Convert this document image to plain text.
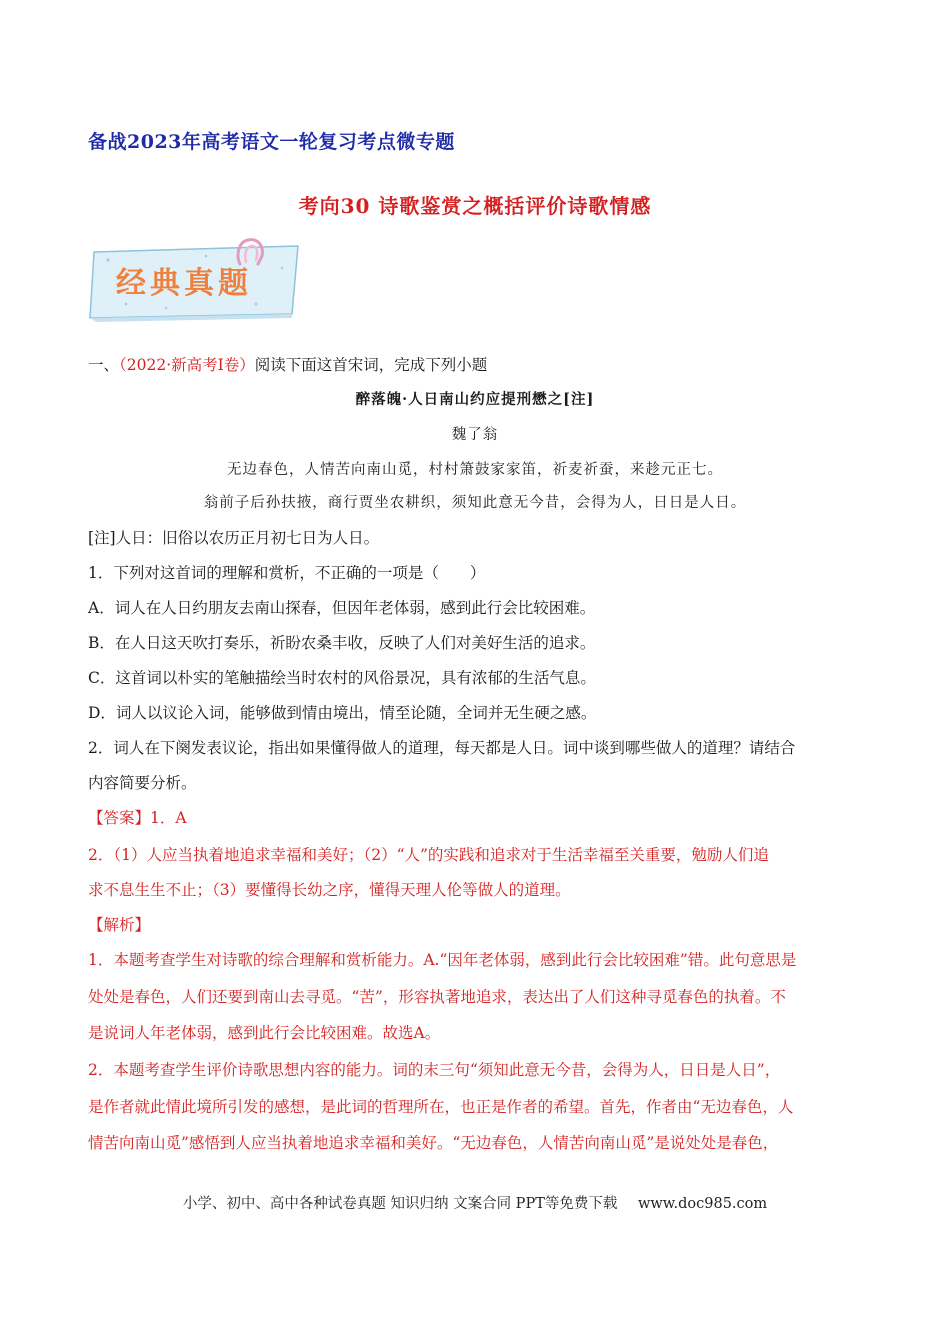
备战2023年高考语文一轮复习考点微专题
考向30 诗歌鉴赏之概括评价诗歌情感
经典真题
一、（2022·新高考Ⅰ卷）阅读下面这首宋词，完成下列小题
醉落魄·人日南山约应提刑懋之[注]
魏了翁
无边春色，人情苦向南山觅，村村箫鼓家家笛，祈麦祈蚕，来趁元正七。
翁前子后孙扶掖，商行贾坐农耕织，须知此意无今昔，会得为人，日日是人日。
[注]人日：旧俗以农历正月初七日为人日。
1．下列对这首词的理解和赏析，不正确的一项是（　　）
A．词人在人日约朋友去南山探春，但因年老体弱，感到此行会比较困难。
B．在人日这天吹打奏乐，祈盼农桑丰收，反映了人们对美好生活的追求。
C．这首词以朴实的笔触描绘当时农村的风俗景况，具有浓郁的生活气息。
D．词人以议论入词，能够做到情由境出，情至论随，全词并无生硬之感。
2．词人在下阕发表议论，指出如果懂得做人的道理，每天都是人日。词中谈到哪些做人的道理？请结合
内容简要分析。
【答案】1．A
2．（1）人应当执着地追求幸福和美好；（2）“人”的实践和追求对于生活幸福至关重要，勉励人们追
求不息生生不止；（3）要懂得长幼之序，懂得天理人伦等做人的道理。
【解析】
1．本题考查学生对诗歌的综合理解和赏析能力。A.“因年老体弱，感到此行会比较困难”错。此句意思是
处处是春色，人们还要到南山去寻觅。“苦”，形容执著地追求，表达出了人们这种寻觅春色的执着。不
是说词人年老体弱，感到此行会比较困难。故选A。
2．本题考查学生评价诗歌思想内容的能力。词的末三句“须知此意无今昔，会得为人，日日是人日”，
是作者就此情此境所引发的感想，是此词的哲理所在，也正是作者的希望。首先，作者由“无边春色，人
情苦向南山觅”感悟到人应当执着地追求幸福和美好。“无边春色，人情苦向南山觅”是说处处是春色，
小学、初中、高中各种试卷真题 知识归纳 文案合同 PPT等免费下载 www.doc985.com
